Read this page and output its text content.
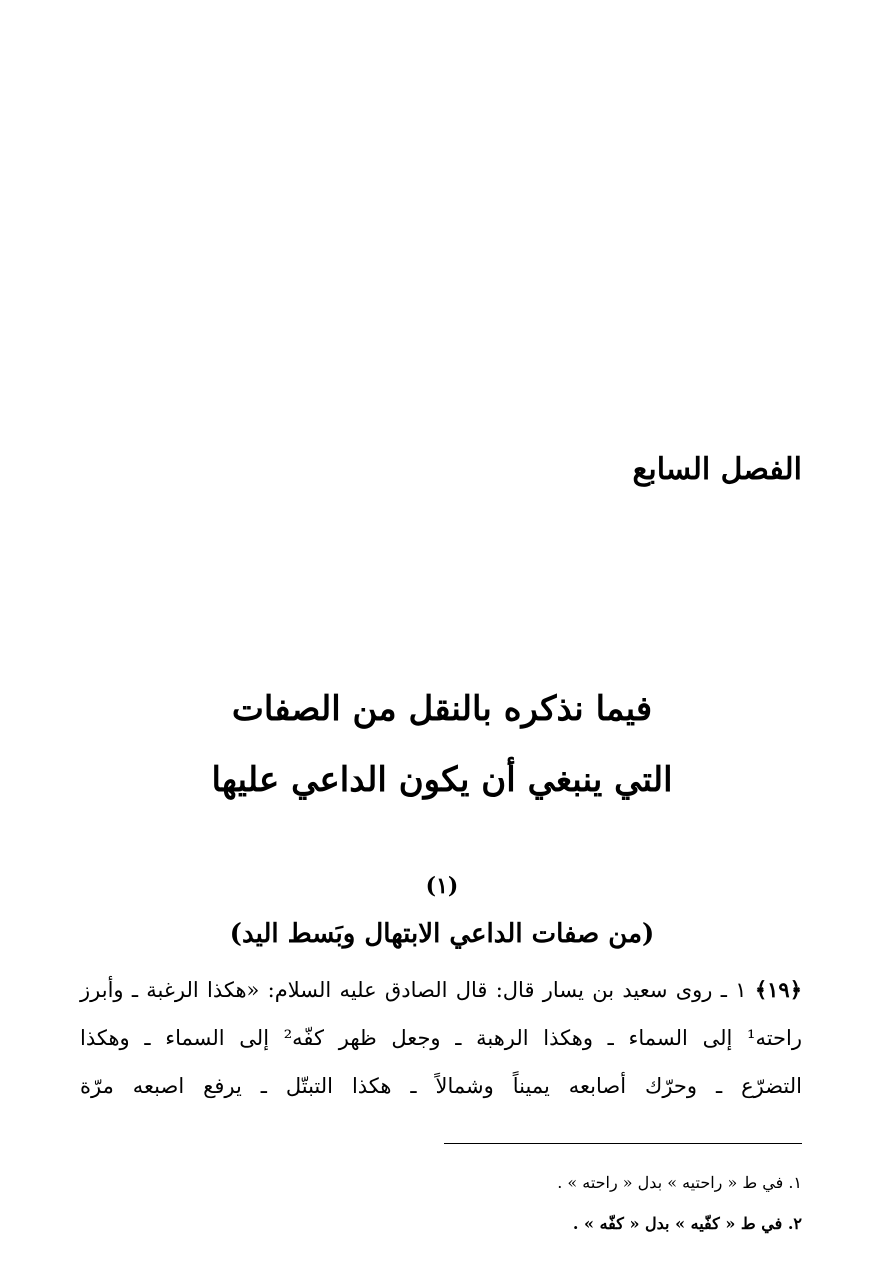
الفصل السابع
فيما نذكره بالنقل من الصفات
التي ينبغي أن يكون الداعي عليها
(١)
(من صفات الداعي الابتهال وبَسط اليد)
﴿١٩﴾ ١ ـ روى سعيد بن يسار قال: قال الصادق عليه السلام: «هكذا الرغبة ـ وأبرز
راحته¹ إلى السماء ـ وهكذا الرهبة ـ وجعل ظهر كفّه² إلى السماء ـ وهكذا
التضرّع ـ وحرّك أصابعه يميناً وشمالاً ـ هكذا التبتّل ـ يرفع اصبعه مرّة
١. في ط « راحتيه » بدل « راحته » .
٢. في ط « كفّيه » بدل « كفّه » .
